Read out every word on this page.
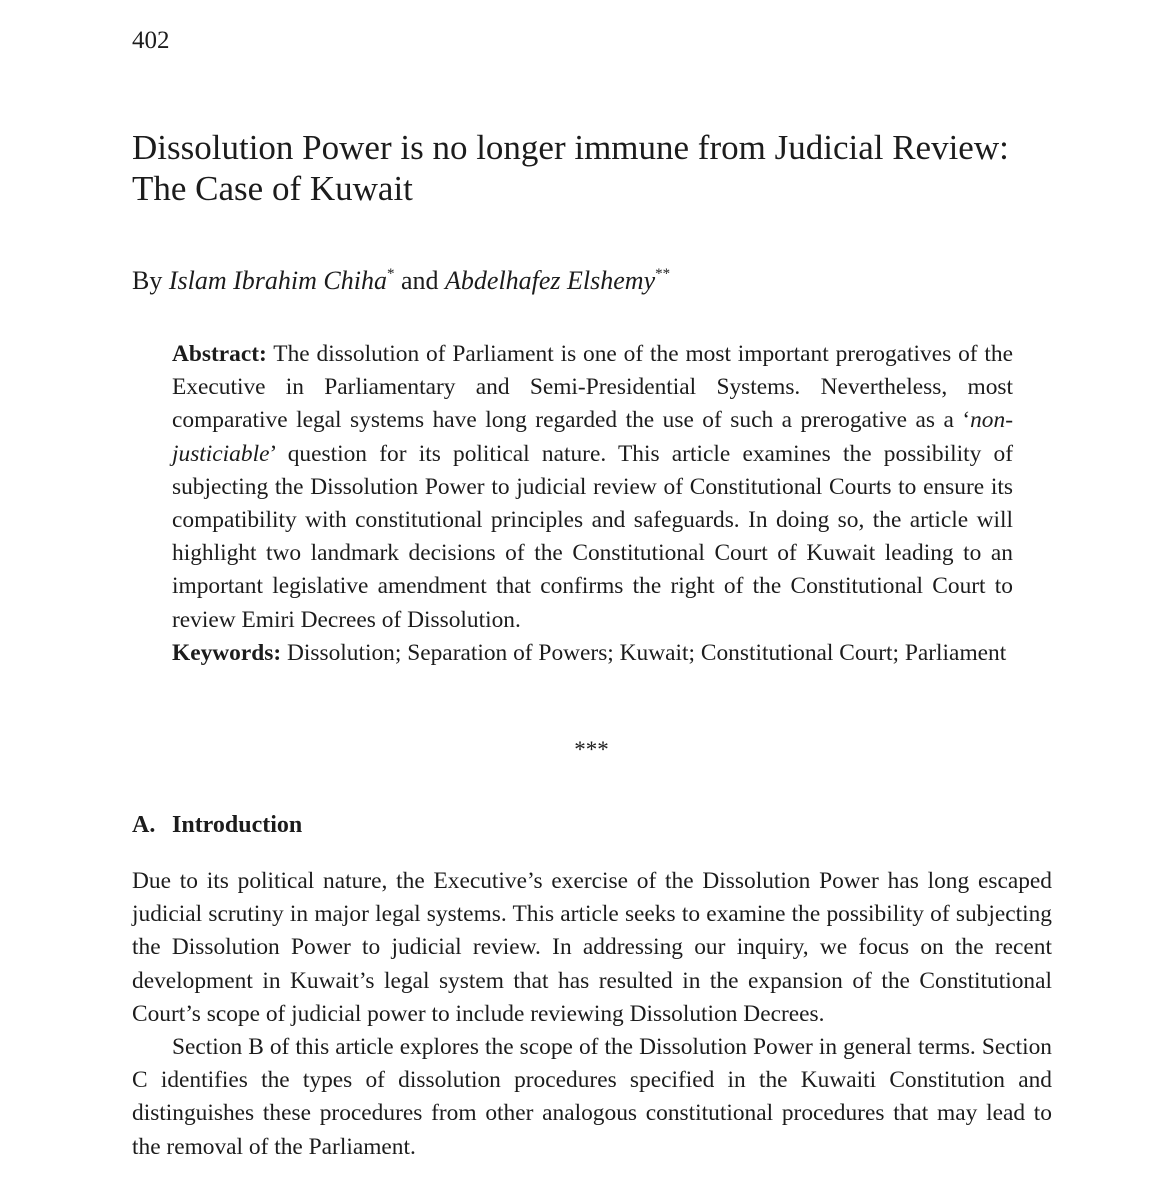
402
Dissolution Power is no longer immune from Judicial Review:
The Case of Kuwait
By Islam Ibrahim Chiha* and Abdelhafez Elshemy**

Abstract: The dissolution of Parliament is one of the most important prerogatives of the Executive in Parliamentary and Semi-Presidential Systems. Nevertheless, most comparative legal systems have long regarded the use of such a prerogative as a ‘non-justiciable’ question for its political nature. This article examines the possibility of subjecting the Dissolution Power to judicial review of Constitutional Courts to ensure its compatibility with constitutional principles and safeguards. In doing so, the article will highlight two landmark decisions of the Constitutional Court of Kuwait leading to an important legislative amendment that confirms the right of the Constitutional Court to review Emiri Decrees of Dissolution.

Keywords: Dissolution; Separation of Powers; Kuwait; Constitutional Court; Parliament

***
A. Introduction

Due to its political nature, the Executive’s exercise of the Dissolution Power has long escaped judicial scrutiny in major legal systems. This article seeks to examine the possibility of subjecting the Dissolution Power to judicial review. In addressing our inquiry, we focus on the recent development in Kuwait’s legal system that has resulted in the expansion of the Constitutional Court’s scope of judicial power to include reviewing Dissolution Decrees.

Section B of this article explores the scope of the Dissolution Power in general terms. Section C identifies the types of dissolution procedures specified in the Kuwaiti Constitution and distinguishes these procedures from other analogous constitutional procedures that may lead to the removal of the Parliament.
